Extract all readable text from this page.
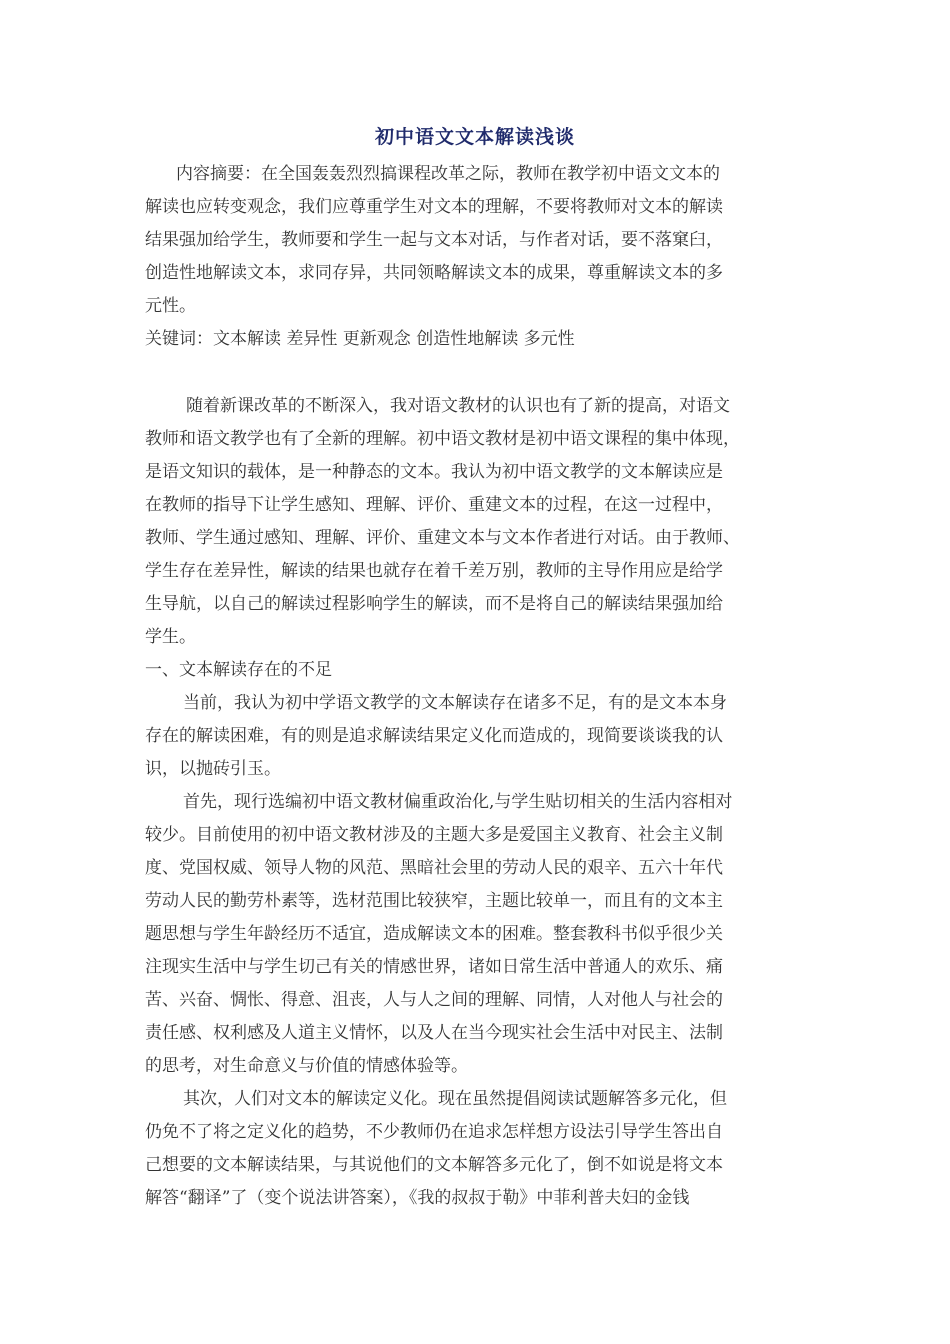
初中语文文本解读浅谈
内容摘要：在全国轰轰烈烈搞课程改革之际，教师在教学初中语文文本的
解读也应转变观念，我们应尊重学生对文本的理解，不要将教师对文本的解读
结果强加给学生，教师要和学生一起与文本对话，与作者对话，要不落窠臼，
创造性地解读文本，求同存异，共同领略解读文本的成果，尊重解读文本的多
元性。
关键词：文本解读 差异性 更新观念 创造性地解读 多元性
随着新课改革的不断深入，我对语文教材的认识也有了新的提高，对语文
教师和语文教学也有了全新的理解。初中语文教材是初中语文课程的集中体现，
是语文知识的载体，是一种静态的文本。我认为初中语文教学的文本解读应是
在教师的指导下让学生感知、理解、评价、重建文本的过程，在这一过程中，
教师、学生通过感知、理解、评价、重建文本与文本作者进行对话。由于教师、
学生存在差异性，解读的结果也就存在着千差万别，教师的主导作用应是给学
生导航，以自己的解读过程影响学生的解读，而不是将自己的解读结果强加给
学生。
一、文本解读存在的不足
当前，我认为初中学语文教学的文本解读存在诸多不足，有的是文本本身
存在的解读困难，有的则是追求解读结果定义化而造成的，现简要谈谈我的认
识，以抛砖引玉。
首先，现行选编初中语文教材偏重政治化,与学生贴切相关的生活内容相对
较少。目前使用的初中语文教材涉及的主题大多是爱国主义教育、社会主义制
度、党国权威、领导人物的风范、黑暗社会里的劳动人民的艰辛、五六十年代
劳动人民的勤劳朴素等，选材范围比较狭窄，主题比较单一，而且有的文本主
题思想与学生年龄经历不适宜，造成解读文本的困难。整套教科书似乎很少关
注现实生活中与学生切己有关的情感世界，诸如日常生活中普通人的欢乐、痛
苦、兴奋、惆怅、得意、沮丧，人与人之间的理解、同情，人对他人与社会的
责任感、权利感及人道主义情怀，以及人在当今现实社会生活中对民主、法制
的思考，对生命意义与价值的情感体验等。
其次，人们对文本的解读定义化。现在虽然提倡阅读试题解答多元化，但
仍免不了将之定义化的趋势，不少教师仍在追求怎样想方设法引导学生答出自
己想要的文本解读结果，与其说他们的文本解答多元化了，倒不如说是将文本
解答“翻译”了（变个说法讲答案），《我的叔叔于勒》中菲利普夫妇的金钱
